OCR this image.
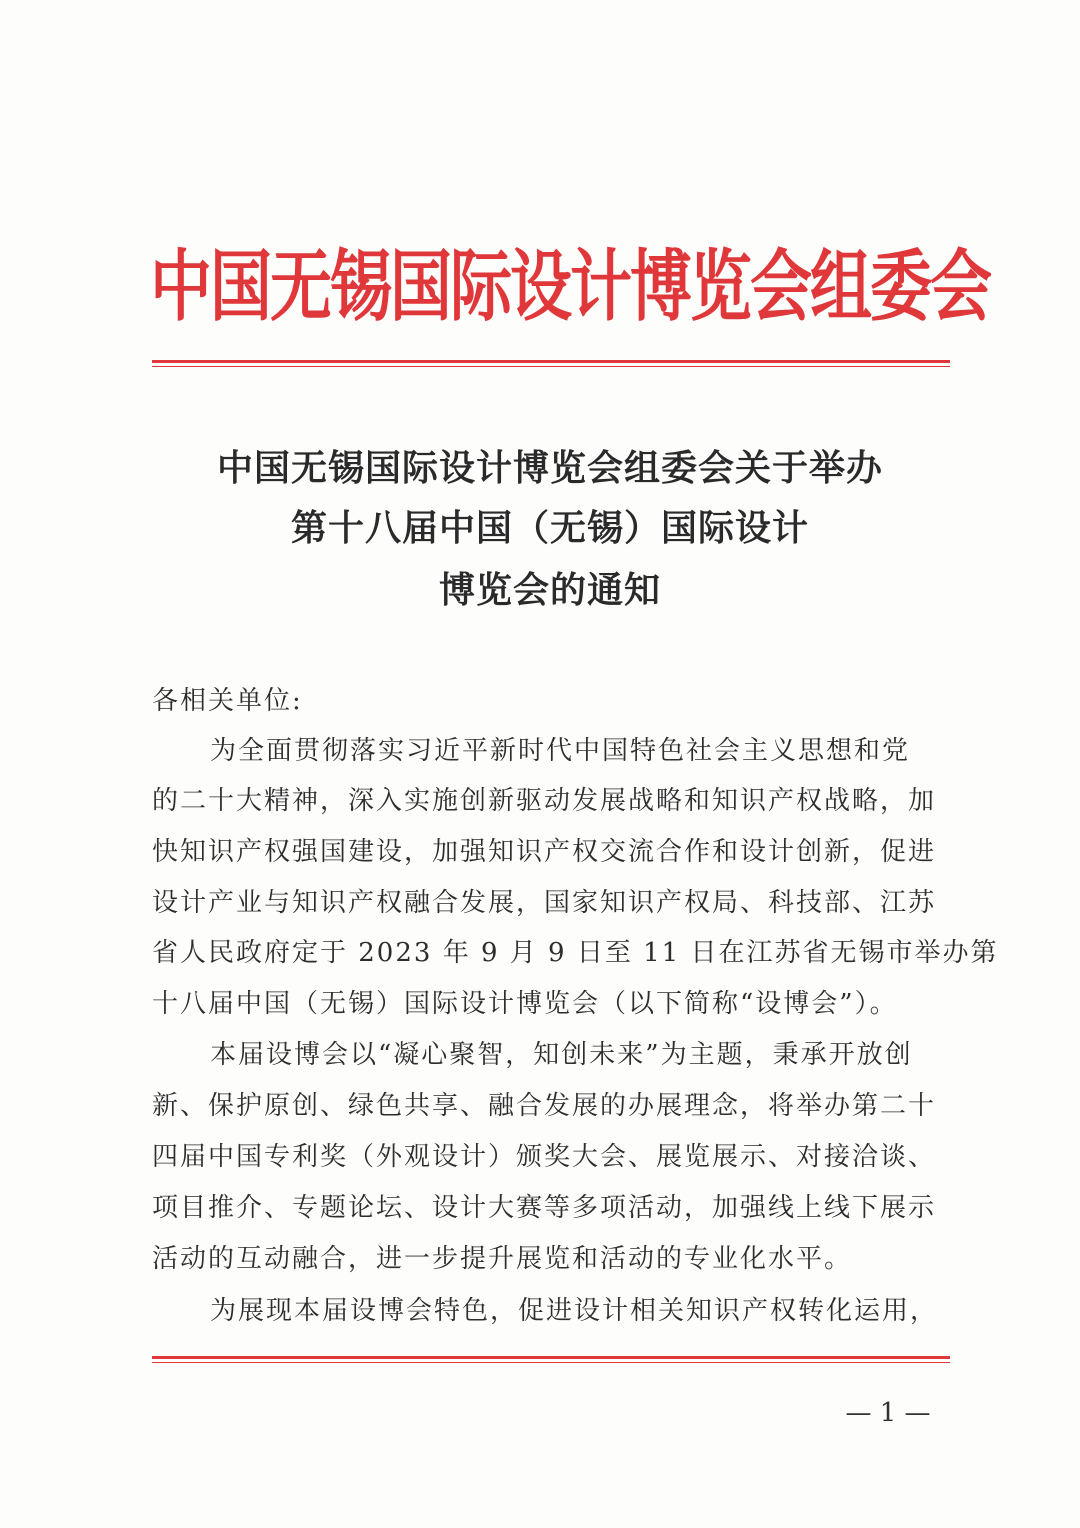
中国无锡国际设计博览会组委会
中国无锡国际设计博览会组委会关于举办
第十八届中国（无锡）国际设计
博览会的通知
各相关单位:
为全面贯彻落实习近平新时代中国特色社会主义思想和党
的二十大精神，深入实施创新驱动发展战略和知识产权战略，加
快知识产权强国建设，加强知识产权交流合作和设计创新，促进
设计产业与知识产权融合发展，国家知识产权局、科技部、江苏
省人民政府定于 2023 年 9 月 9 日至 11 日在江苏省无锡市举办第
十八届中国（无锡）国际设计博览会（以下简称“设博会”）。
本届设博会以“凝心聚智，知创未来”为主题，秉承开放创
新、保护原创、绿色共享、融合发展的办展理念，将举办第二十
四届中国专利奖（外观设计）颁奖大会、展览展示、对接洽谈、
项目推介、专题论坛、设计大赛等多项活动，加强线上线下展示
活动的互动融合，进一步提升展览和活动的专业化水平。
为展现本届设博会特色，促进设计相关知识产权转化运用，
— 1 —
